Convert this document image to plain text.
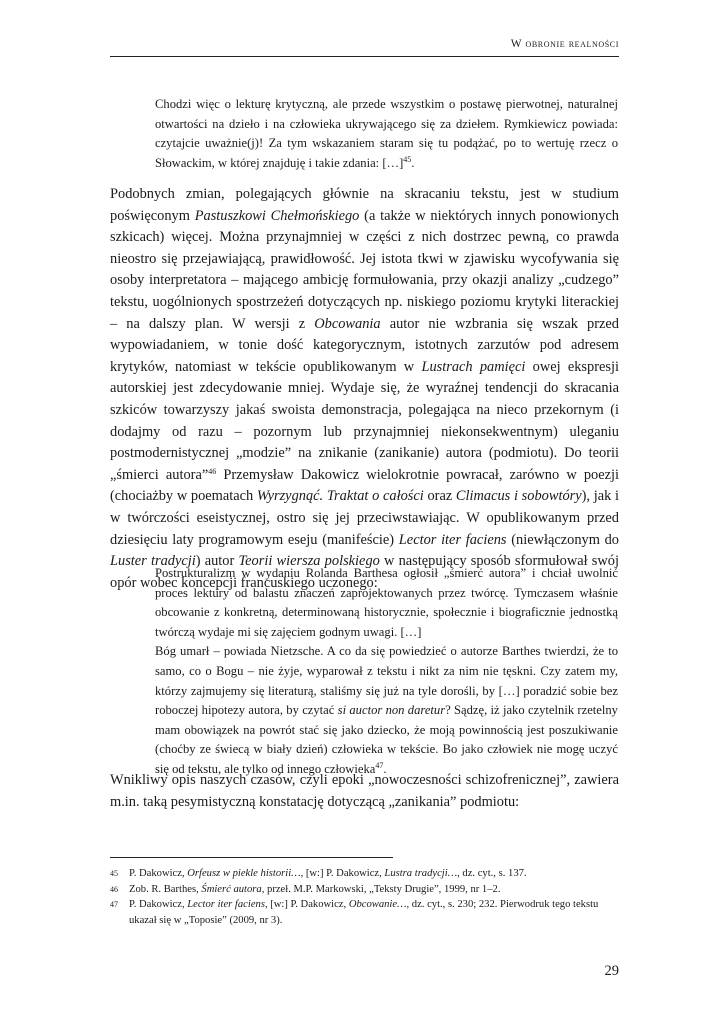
W obronie realności

Chodzi więc o lekturę krytyczną, ale przede wszystkim o postawę pierwotnej, naturalnej otwartości na dzieło i na człowieka ukrywającego się za dziełem. Rymkiewicz powiada: czytajcie uważnie(j)! Za tym wskazaniem staram się tu podążać, po to wertuję rzecz o Słowackim, w której znajduję i takie zdania: […]$^{45}$.

Podobnych zmian, polegających głównie na skracaniu tekstu, jest w studium poświęconym Pastuszkowi Chełmońskiego (a także w niektórych innych ponowionych szkicach) więcej. Można przynajmniej w części z nich dostrzec pewną, co prawda nieostro się przejawiającą, prawidłowość. Jej istota tkwi w zjawisku wycofywania się osoby interpretatora – mającego ambicję formułowania, przy okazji analizy „cudzego” tekstu, uogólnionych spostrzeżeń dotyczących np. niskiego poziomu krytyki literackiej – na dalszy plan. W wersji z Obcowania autor nie wzbrania się wszak przed wypowiadaniem, w tonie dość kategorycznym, istotnych zarzutów pod adresem krytyków, natomiast w tekście opublikowanym w Lustrach pamięci owej ekspresji autorskiej jest zdecydowanie mniej. Wydaje się, że wyraźnej tendencji do skracania szkiców towarzyszy jakaś swoista demonstracja, polegająca na nieco przekornym (i dodajmy od razu – pozornym lub przynajmniej niekonsekwentnym) uleganiu postmodernistycznej „modzie” na znikanie (zanikanie) autora (podmiotu). Do teorii „śmierci autora”$^{46}$ Przemysław Dakowicz wielokrotnie powracał, zarówno w poezji (chociażby w poematach Wyrzygnąć. Traktat o całości oraz Climacus i sobowtóry), jak i w twórczości eseistycznej, ostro się jej przeciwstawiając. W opublikowanym przed dziesięciu laty programowym eseju (manifeście) Lector iter faciens (niewłączonym do Luster tradycji) autor Teorii wiersza polskiego w następujący sposób sformułował swój opór wobec koncepcji francuskiego uczonego:

Postrukturalizm w wydaniu Rolanda Barthesa ogłosił „śmierć autora” i chciał uwolnić proces lektury od balastu znaczeń zaprojektowanych przez twórcę. Tymczasem właśnie obcowanie z konkretną, determinowaną historycznie, społecznie i biograficznie jednostką twórczą wydaje mi się zajęciem godnym uwagi. […]

Bóg umarł – powiada Nietzsche. A co da się powiedzieć o autorze Barthes twierdzi, że to samo, co o Bogu – nie żyje, wyparował z tekstu i nikt za nim nie tęskni. Czy zatem my, którzy zajmujemy się literaturą, staliśmy się już na tyle dorośli, by […] poradzić sobie bez roboczej hipotezy autora, by czytać si auctor non daretur? Sądzę, iż jako czytelnik rzetelny mam obowiązek na powrót stać się jako dziecko, że moją powinnością jest poszukiwanie (choćby ze świecą w biały dzień) człowieka w tekście. Bo jako człowiek nie mogę uczyć się od tekstu, ale tylko od innego człowieka$^{47}$.

Wnikliwy opis naszych czasów, czyli epoki „nowoczesności schizofrenicznej”, zawiera m.in. taką pesymistyczną konstatację dotyczącą „zanikania” podmiotu:

45	P. Dakowicz, Orfeusz w piekle historii…, [w:] P. Dakowicz, Lustra tradycji…, dz. cyt., s. 137.
46	Zob. R. Barthes, Śmierć autora, przeł. M.P. Markowski, „Teksty Drugie”, 1999, nr 1–2.
47	P. Dakowicz, Lector iter faciens, [w:] P. Dakowicz, Obcowanie…, dz. cyt., s. 230; 232. Pierwodruk tego tekstu ukazał się w „Toposie” (2009, nr 3).
29
